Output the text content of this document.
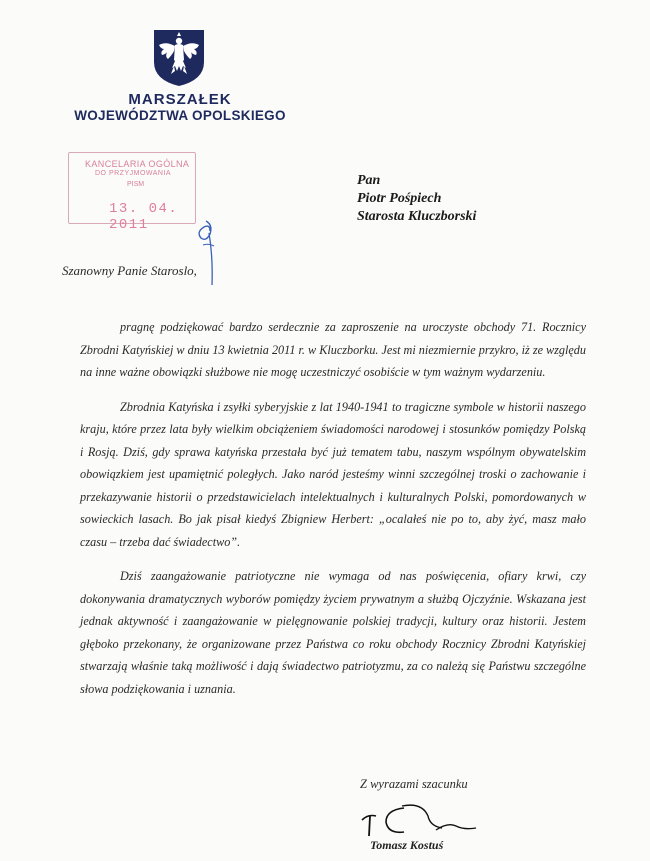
MARSZAŁEK
WOJEWÓDZTWA OPOLSKIEGO
KANCELARIA OGÓLNA
DO PRZYJMOWANIA
PISM
13. 04. 2011
Pan
Piotr Pośpiech
Starosta Kluczborski
Szanowny Panie Staroslo,

pragnę podziękować bardzo serdecznie za zaproszenie na uroczyste obchody 71. Rocznicy Zbrodni Katyńskiej w dniu 13 kwietnia 2011 r. w Kluczborku. Jest mi niezmiernie przykro, iż ze względu na inne ważne obowiązki służbowe nie mogę uczestniczyć osobiście w tym ważnym wydarzeniu.

Zbrodnia Katyńska i zsyłki syberyjskie z lat 1940-1941 to tragiczne symbole w historii naszego kraju, które przez lata były wielkim obciążeniem świadomości narodowej i stosunków pomiędzy Polską i Rosją. Dziś, gdy sprawa katyńska przestała być już tematem tabu, naszym wspólnym obywatelskim obowiązkiem jest upamiętnić poległych. Jako naród jesteśmy winni szczególnej troski o zachowanie i przekazywanie historii o przedstawicielach intelektualnych i kulturalnych Polski, pomordowanych w sowieckich lasach. Bo jak pisał kiedyś Zbigniew Herbert: „ocalałeś nie po to, aby żyć, masz mało czasu – trzeba dać świadectwo”.

Dziś zaangażowanie patriotyczne nie wymaga od nas poświęcenia, ofiary krwi, czy dokonywania dramatycznych wyborów pomiędzy życiem prywatnym a służbą Ojczyźnie. Wskazana jest jednak aktywność i zaangażowanie w pielęgnowanie polskiej tradycji, kultury oraz historii. Jestem głęboko przekonany, że organizowane przez Państwa co roku obchody Rocznicy Zbrodni Katyńskiej stwarzają właśnie taką możliwość i dają świadectwo patriotyzmu, za co należą się Państwu szczególne słowa podziękowania i uznania.

Z wyrazami szacunku
Tomasz Kostuś
